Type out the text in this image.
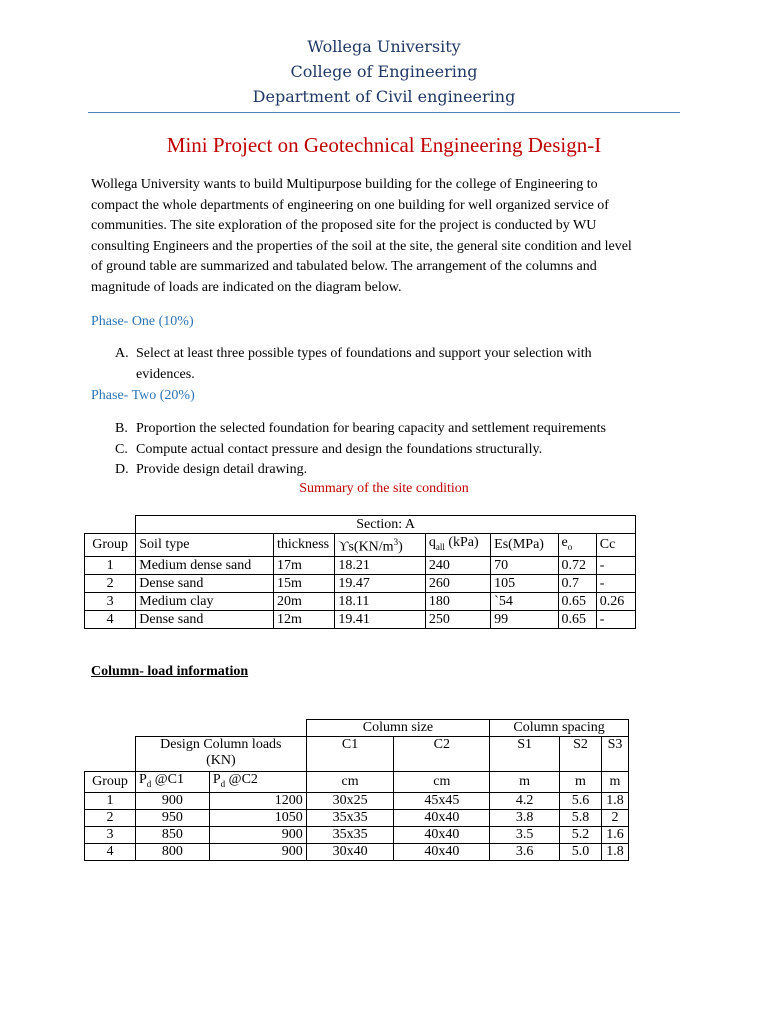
Wollega University
College of Engineering
Department of Civil engineering
Mini Project on Geotechnical Engineering Design-I
Wollega University wants to build Multipurpose building for the college of Engineering to
compact the whole departments of engineering on one building for well organized service of
communities. The site exploration of the proposed site for the project is conducted by WU
consulting Engineers and the properties of the soil at the site, the general site condition and level
of ground table are summarized and tabulated below. The arrangement of the columns and
magnitude of loads are indicated on the diagram below.
Phase- One (10%)
A. Select at least three possible types of foundations and support your selection with
evidences.
Phase- Two (20%)
B. Proportion the selected foundation for bearing capacity and settlement requirements
C. Compute actual contact pressure and design the foundations structurally.
D. Provide design detail drawing.
Summary of the site condition
	Section: A						
Group	Soil type	thickness	$ϒs(KN/m^3)$	$q_{all}$ (kPa)	Es(MPa)	$e_o$	Cc
1	Medium dense sand	17m	18.21	240	70	0.72	-
2	Dense sand	15m	19.47	260	105	0.7	-
3	Medium clay	20m	18.11	180	`54	0.65	0.26
4	Dense sand	12m	19.41	250	99	0.65	-
Column- load information
			Column size		Column spacing		
	Design Column loads
(KN)		C1	C2	S1	S2	S3
Group	$P_d$ @C1	$P_d$ @C2	cm	cm	m	m	m
1	900	1200	30x25	45x45	4.2	5.6	1.8
2	950	1050	35x35	40x40	3.8	5.8	2
3	850	900	35x35	40x40	3.5	5.2	1.6
4	800	900	30x40	40x40	3.6	5.0	1.8
